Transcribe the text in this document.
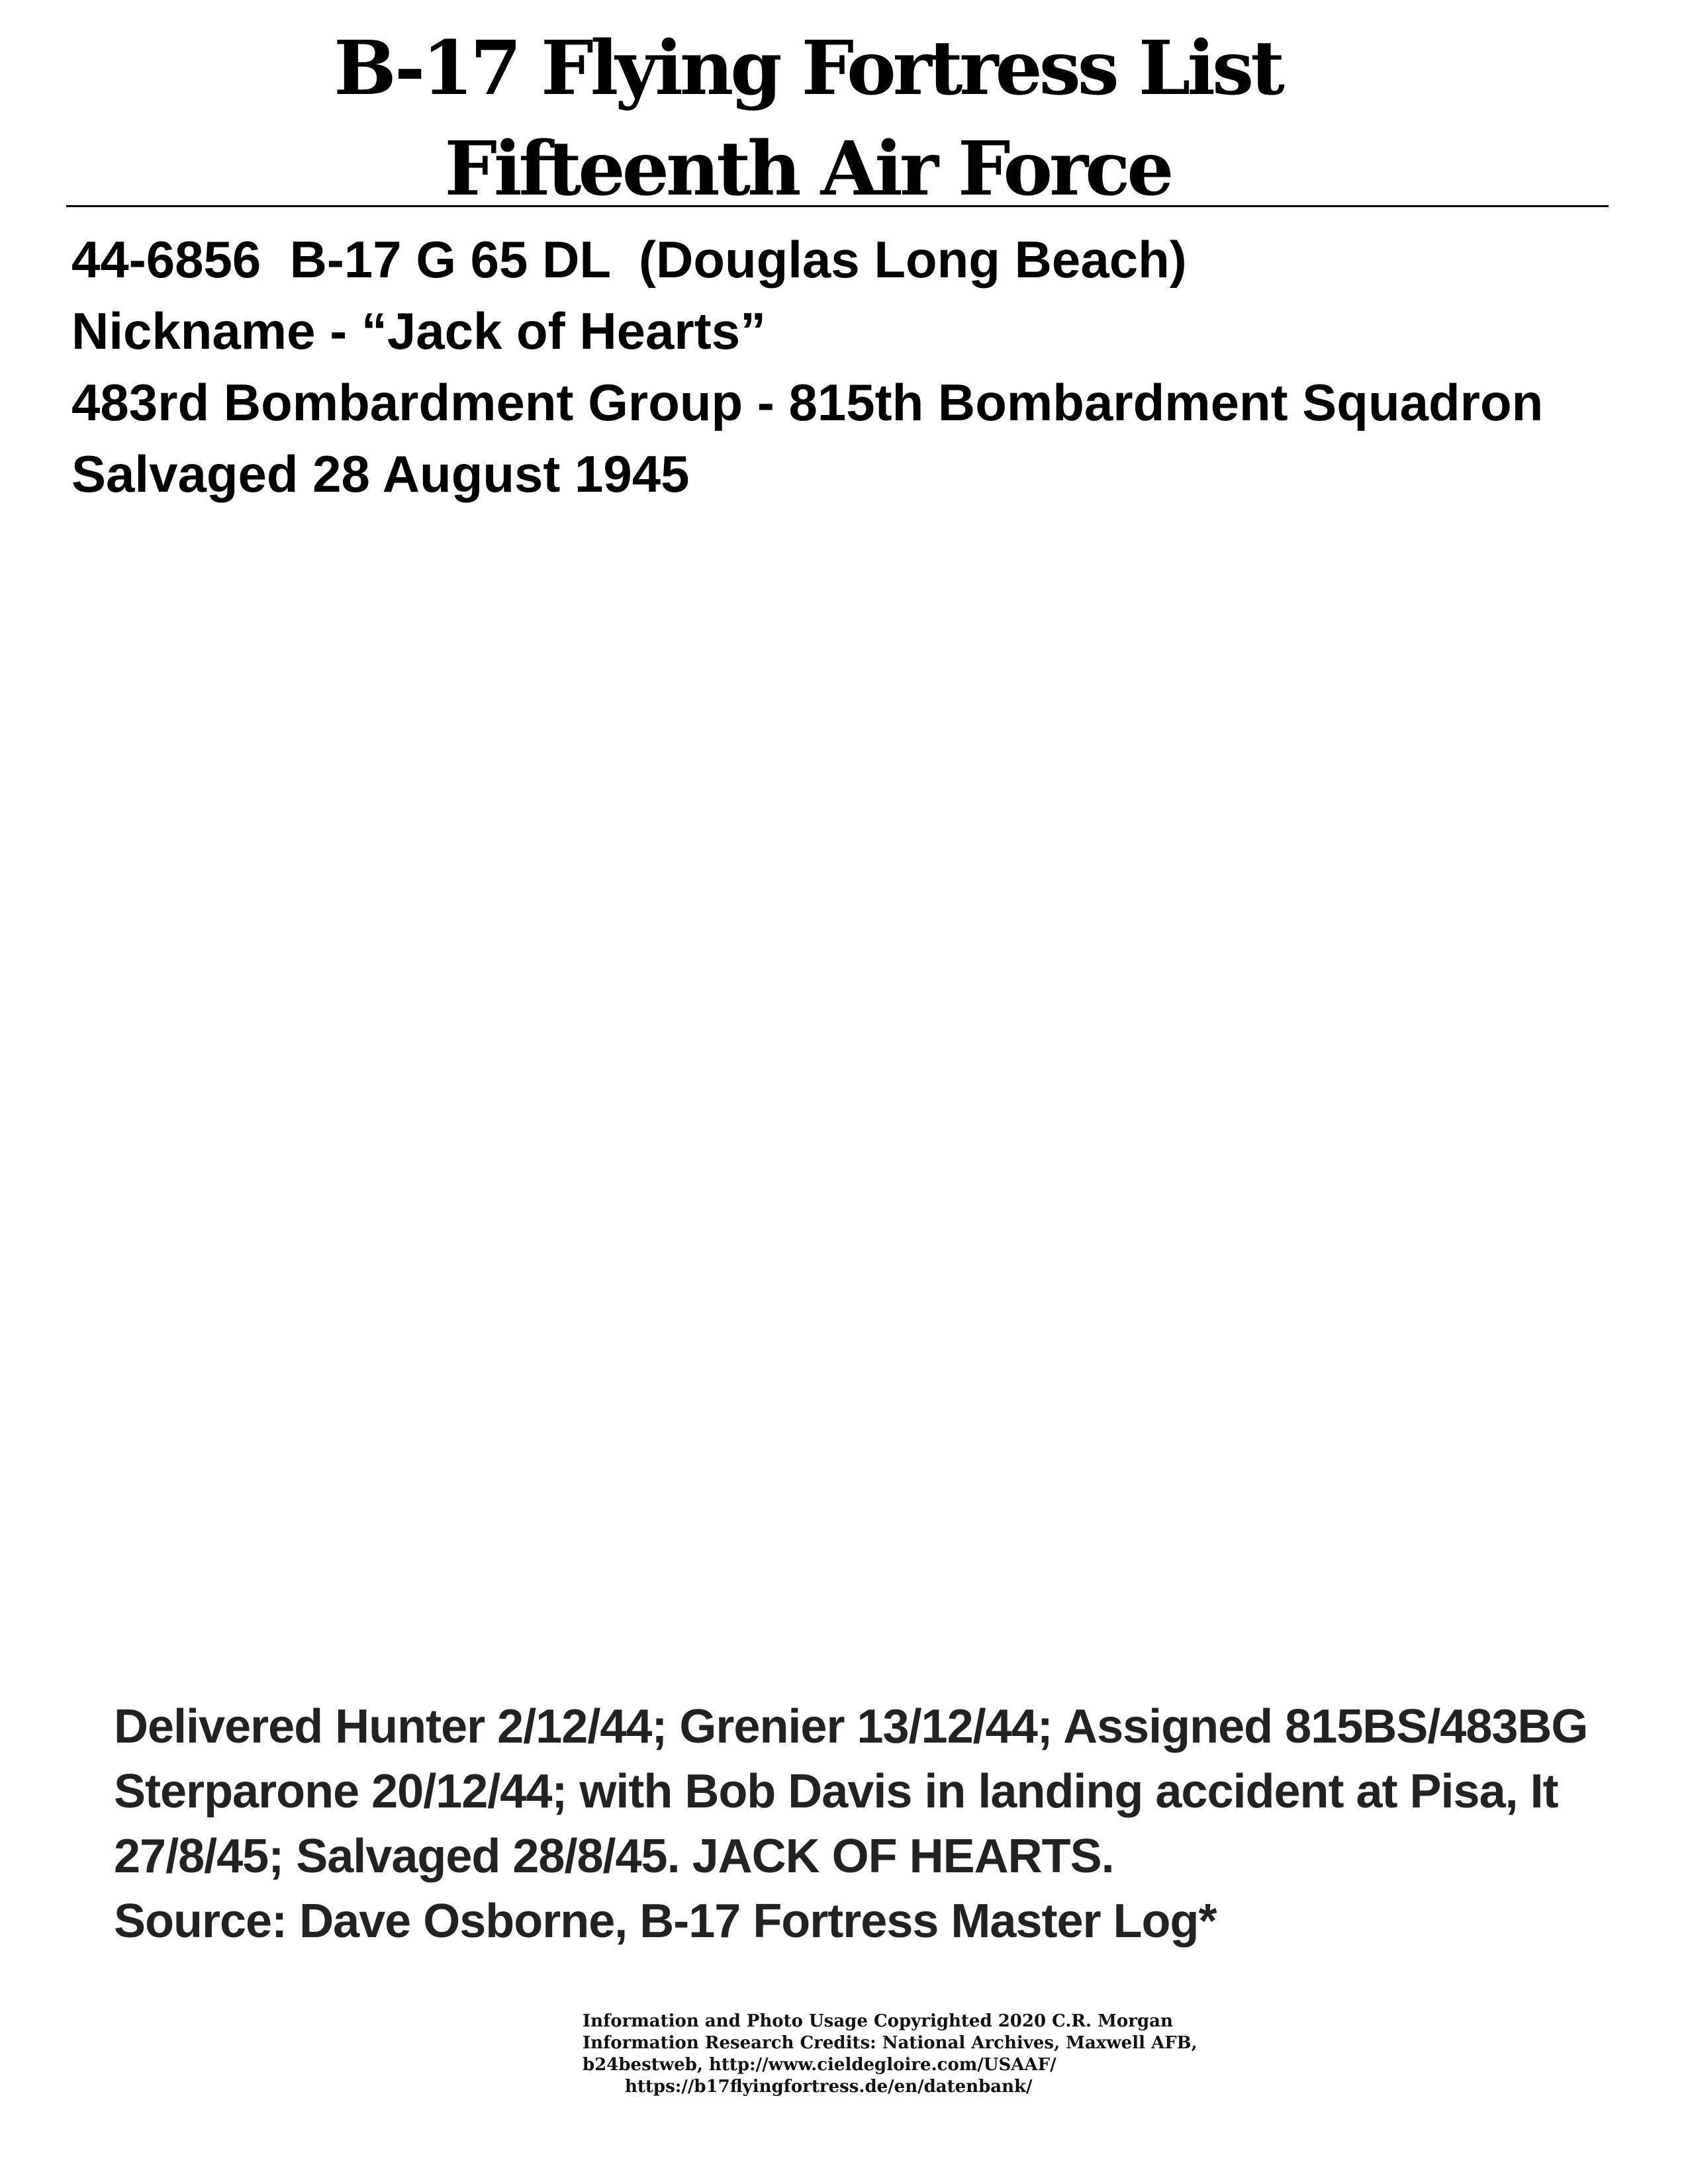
B-17 Flying Fortress List
Fifteenth Air Force
44-6856  B-17 G 65 DL  (Douglas Long Beach)
Nickname - “Jack of Hearts”
483rd Bombardment Group - 815th Bombardment Squadron
Salvaged 28 August 1945
Delivered Hunter 2/12/44; Grenier 13/12/44; Assigned 815BS/483BG
Sterparone 20/12/44; with Bob Davis in landing accident at Pisa, It
27/8/45; Salvaged 28/8/45. JACK OF HEARTS.
Source: Dave Osborne, B-17 Fortress Master Log*
Information and Photo Usage Copyrighted 2020 C.R. Morgan
Information Research Credits: National Archives, Maxwell AFB,
b24bestweb, http://www.cieldegloire.com/USAAF/
https://b17flyingfortress.de/en/datenbank/
